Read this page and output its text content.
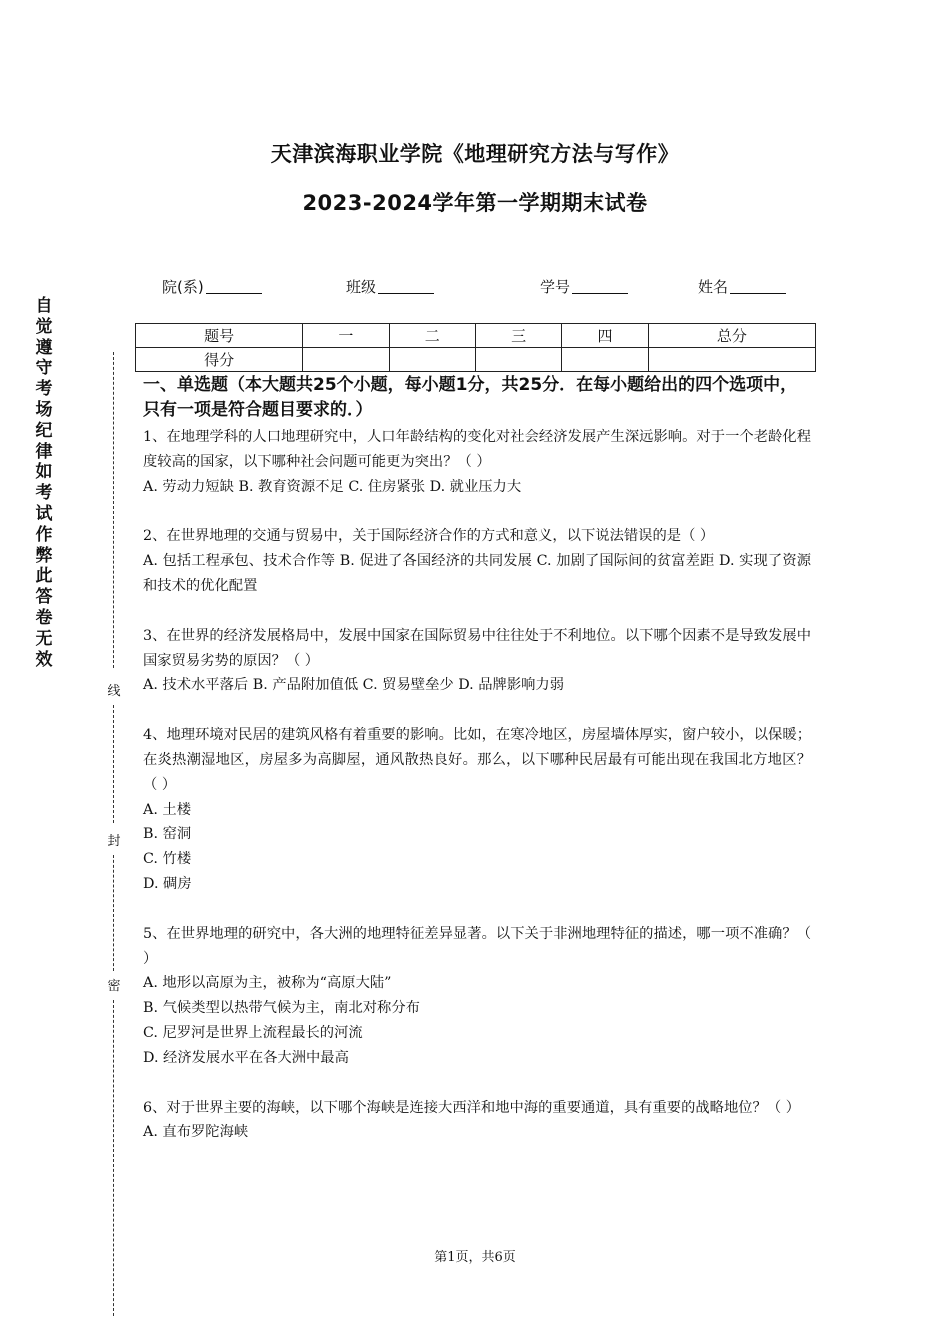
天津滨海职业学院《地理研究方法与写作》
2023-2024学年第一学期期末试卷
院(系)	班级	学号	姓名
题号	一	二	三	四	总分
得分					
自
觉
遵
守
考
场
纪
律
如
考
试
作
弊
此
答
卷
无
效
线
封
密
一、单选题（本大题共25个小题，每小题1分，共25分．在每小题给出的四个选项中，只有一项是符合题目要求的．）
1、在地理学科的人口地理研究中，人口年龄结构的变化对社会经济发展产生深远影响。对于一个老龄化程度较高的国家，以下哪种社会问题可能更为突出？（ ）
A. 劳动力短缺 B. 教育资源不足 C. 住房紧张 D. 就业压力大
2、在世界地理的交通与贸易中，关于国际经济合作的方式和意义，以下说法错误的是（ ）
A. 包括工程承包、技术合作等 B. 促进了各国经济的共同发展 C. 加剧了国际间的贫富差距 D. 实现了资源和技术的优化配置
3、在世界的经济发展格局中，发展中国家在国际贸易中往往处于不利地位。以下哪个因素不是导致发展中国家贸易劣势的原因？（ ）
A. 技术水平落后 B. 产品附加值低 C. 贸易壁垒少 D. 品牌影响力弱
4、地理环境对民居的建筑风格有着重要的影响。比如，在寒冷地区，房屋墙体厚实，窗户较小，以保暖；在炎热潮湿地区，房屋多为高脚屋，通风散热良好。那么，以下哪种民居最有可能出现在我国北方地区？（ ）
A. 土楼
B. 窑洞
C. 竹楼
D. 碉房
5、在世界地理的研究中，各大洲的地理特征差异显著。以下关于非洲地理特征的描述，哪一项不准确？（ ）
A. 地形以高原为主，被称为“高原大陆”
B. 气候类型以热带气候为主，南北对称分布
C. 尼罗河是世界上流程最长的河流
D. 经济发展水平在各大洲中最高
6、对于世界主要的海峡，以下哪个海峡是连接大西洋和地中海的重要通道，具有重要的战略地位？（ ）
A. 直布罗陀海峡
第1页，共6页
